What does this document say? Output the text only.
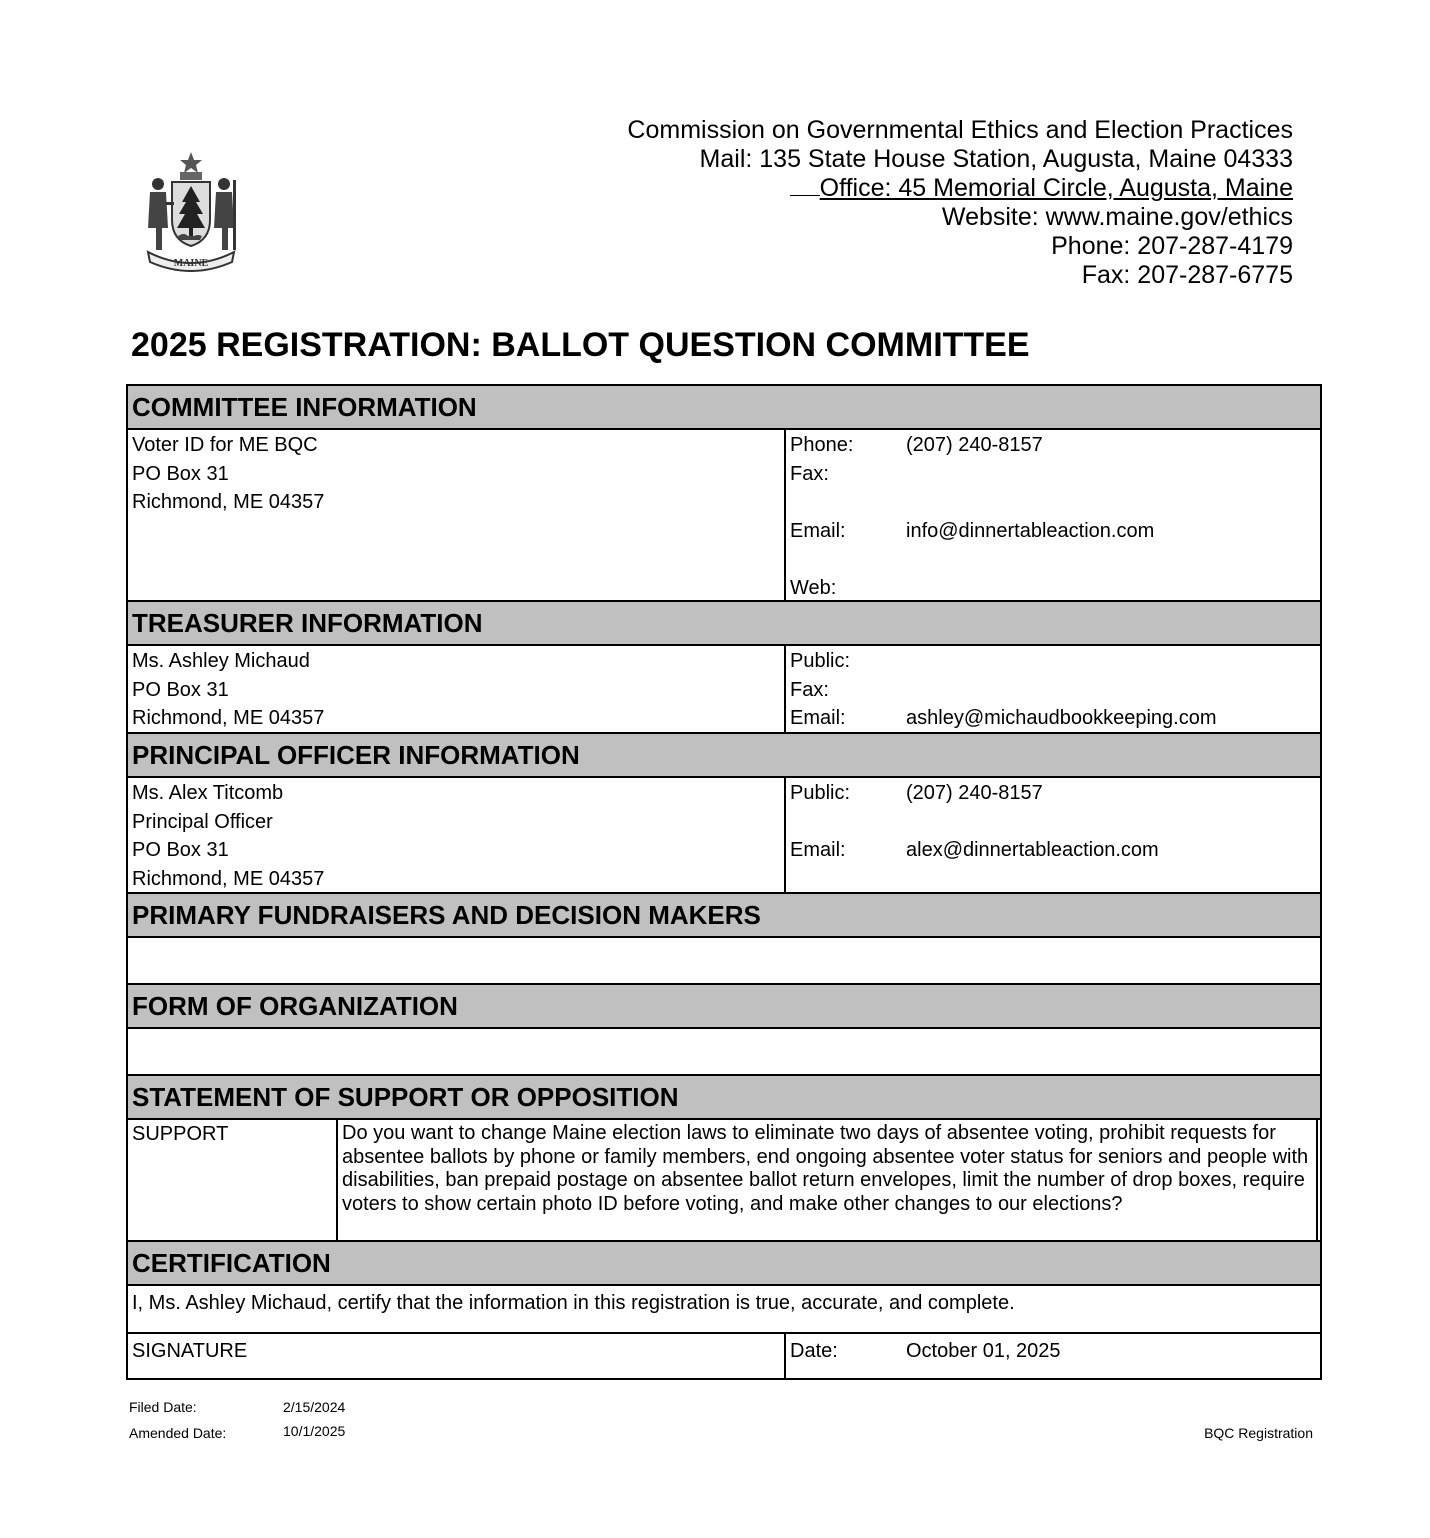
MAINE
Commission on Governmental Ethics and Election Practices
Mail: 135 State House Station, Augusta, Maine 04333
Office: 45 Memorial Circle, Augusta, Maine
Website: www.maine.gov/ethics
Phone: 207-287-4179
Fax: 207-287-6775
2025 REGISTRATION: BALLOT QUESTION COMMITTEE
COMMITTEE INFORMATION
Voter ID for ME BQC
PO Box 31
Richmond, ME 04357
Phone:	(207) 240-8157
Fax:
Email:	info@dinnertableaction.com
Web:
TREASURER INFORMATION
Ms. Ashley Michaud
PO Box 31
Richmond, ME 04357
Public:
Fax:
Email:	ashley@michaudbookkeeping.com
PRINCIPAL OFFICER INFORMATION
Ms. Alex Titcomb
Principal Officer
PO Box 31
Richmond, ME 04357
Public:	(207) 240-8157
Email:	alex@dinnertableaction.com
PRIMARY FUNDRAISERS AND DECISION MAKERS
FORM OF ORGANIZATION
STATEMENT OF SUPPORT OR OPPOSITION
SUPPORT	Do you want to change Maine election laws to eliminate two days of absentee voting, prohibit requests for absentee ballots by phone or family members, end ongoing absentee voter status for seniors and people with disabilities, ban prepaid postage on absentee ballot return envelopes, limit the number of drop boxes, require voters to show certain photo ID before voting, and make other changes to our elections?
CERTIFICATION
I, Ms. Ashley Michaud, certify that the information in this registration is true, accurate, and complete.
SIGNATURE	Date:	October 01, 2025
Filed Date:	2/15/2024
Amended Date:	10/1/2025	BQC Registration
